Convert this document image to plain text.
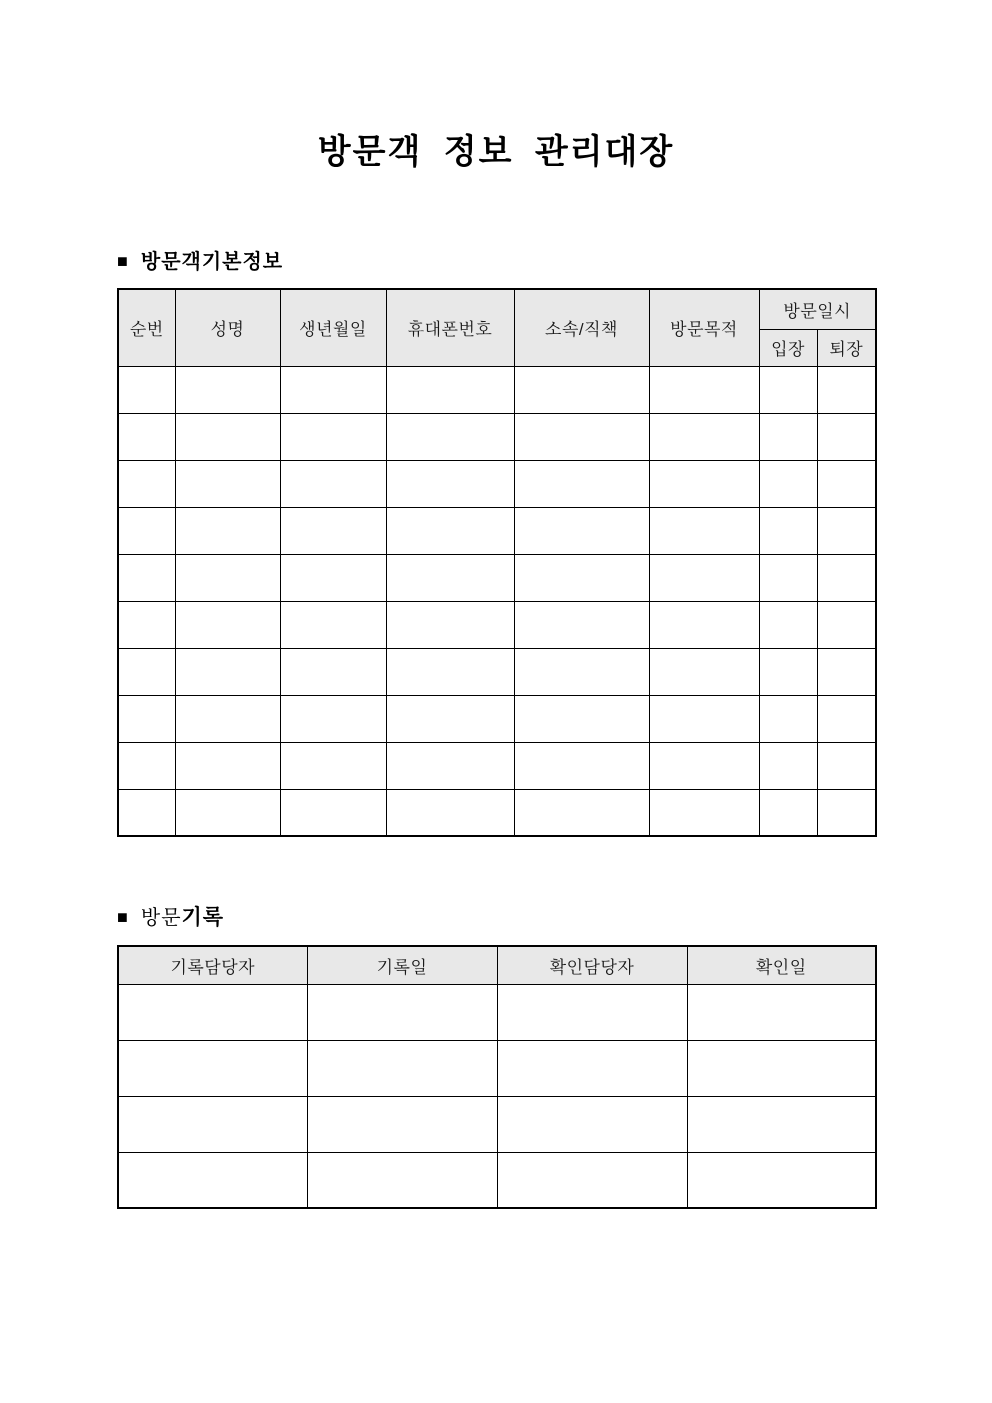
방문객 정보 관리대장
■ 방문객기본정보
순번	성명	생년월일	휴대폰번호	소속/직책	방문목적	방문일시	
						입장	퇴장

■ 방문기록
기록담당자	기록일	확인담당자	확인일
